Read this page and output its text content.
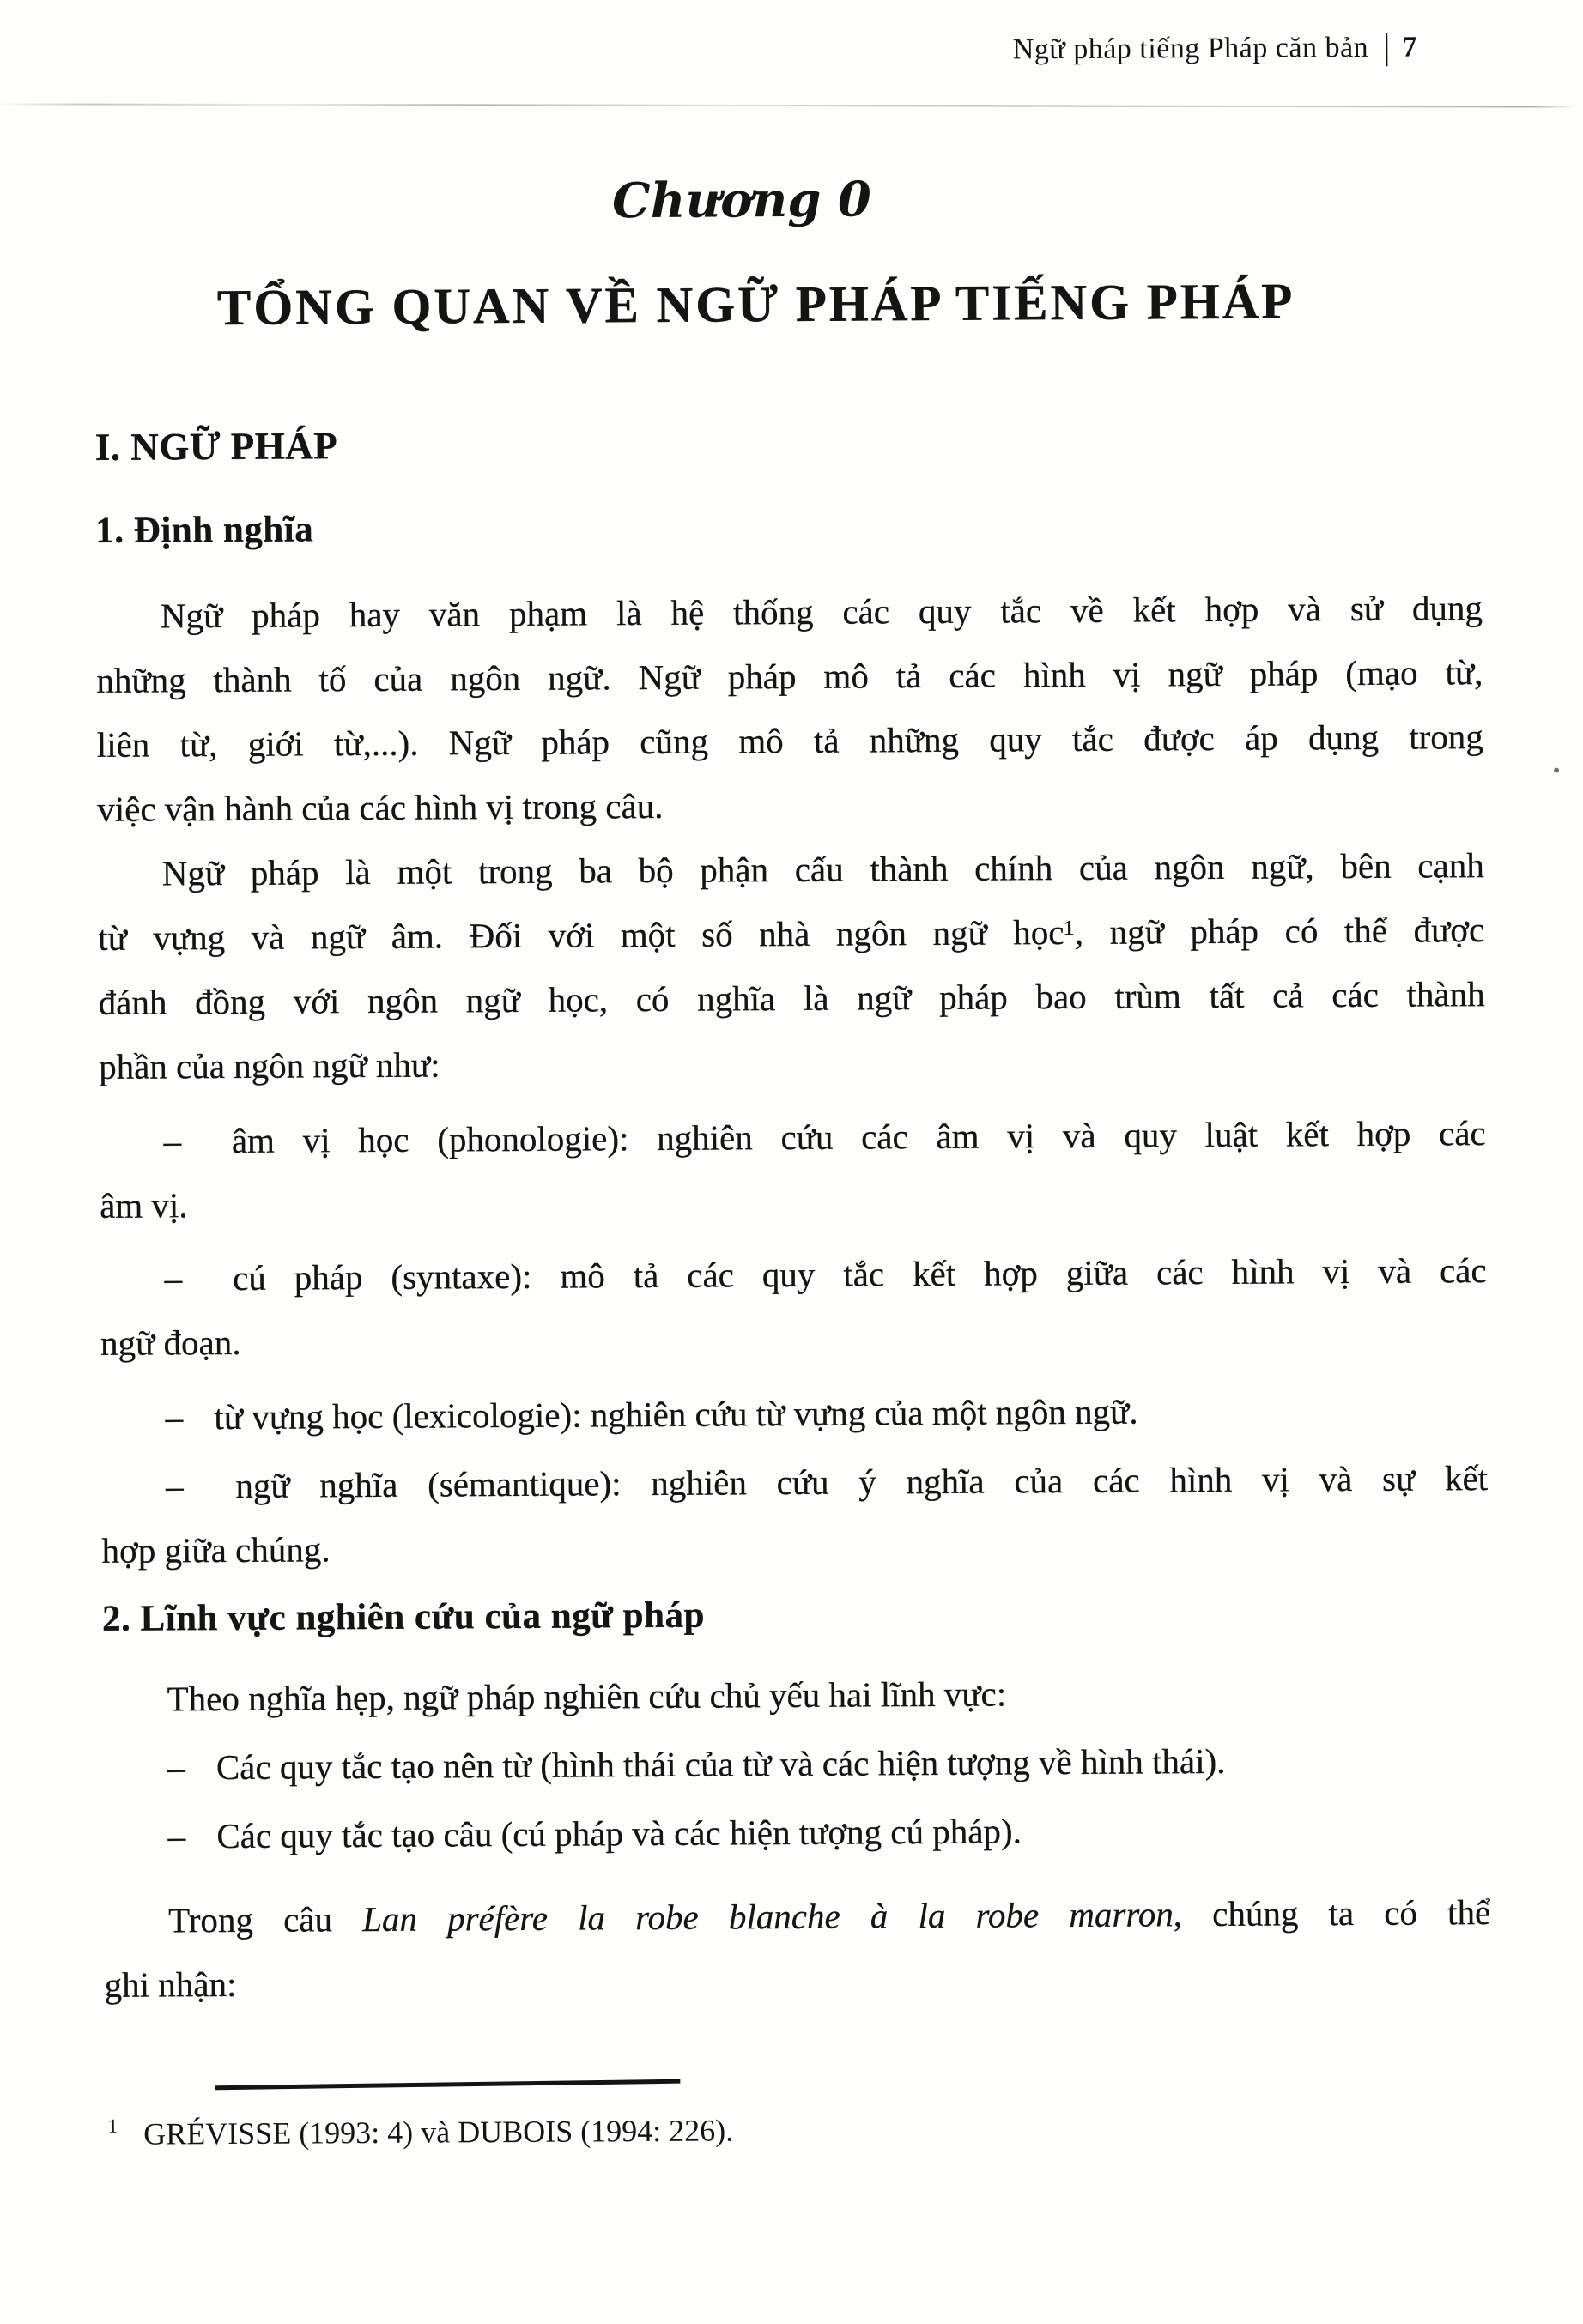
Ngữ pháp tiếng Pháp căn bản | 7
Chương 0
TỔNG QUAN VỀ NGỮ PHÁP TIẾNG PHÁP
I. NGỮ PHÁP
1. Định nghĩa
Ngữ pháp hay văn phạm là hệ thống các quy tắc về kết hợp và sử dụng
những thành tố của ngôn ngữ. Ngữ pháp mô tả các hình vị ngữ pháp (mạo từ,
liên từ, giới từ,...). Ngữ pháp cũng mô tả những quy tắc được áp dụng trong
việc vận hành của các hình vị trong câu.
Ngữ pháp là một trong ba bộ phận cấu thành chính của ngôn ngữ, bên cạnh
từ vựng và ngữ âm. Đối với một số nhà ngôn ngữ học¹, ngữ pháp có thể được
đánh đồng với ngôn ngữ học, có nghĩa là ngữ pháp bao trùm tất cả các thành
phần của ngôn ngữ như:
– âm vị học (phonologie): nghiên cứu các âm vị và quy luật kết hợp các
âm vị.
– cú pháp (syntaxe): mô tả các quy tắc kết hợp giữa các hình vị và các
ngữ đoạn.
– từ vựng học (lexicologie): nghiên cứu từ vựng của một ngôn ngữ.
– ngữ nghĩa (sémantique): nghiên cứu ý nghĩa của các hình vị và sự kết
hợp giữa chúng.
2. Lĩnh vực nghiên cứu của ngữ pháp
Theo nghĩa hẹp, ngữ pháp nghiên cứu chủ yếu hai lĩnh vực:
– Các quy tắc tạo nên từ (hình thái của từ và các hiện tượng về hình thái).
– Các quy tắc tạo câu (cú pháp và các hiện tượng cú pháp).
Trong câu Lan préfère la robe blanche à la robe marron, chúng ta có thể
ghi nhận:
$^1$ GRÉVISSE (1993: 4) và DUBOIS (1994: 226).
